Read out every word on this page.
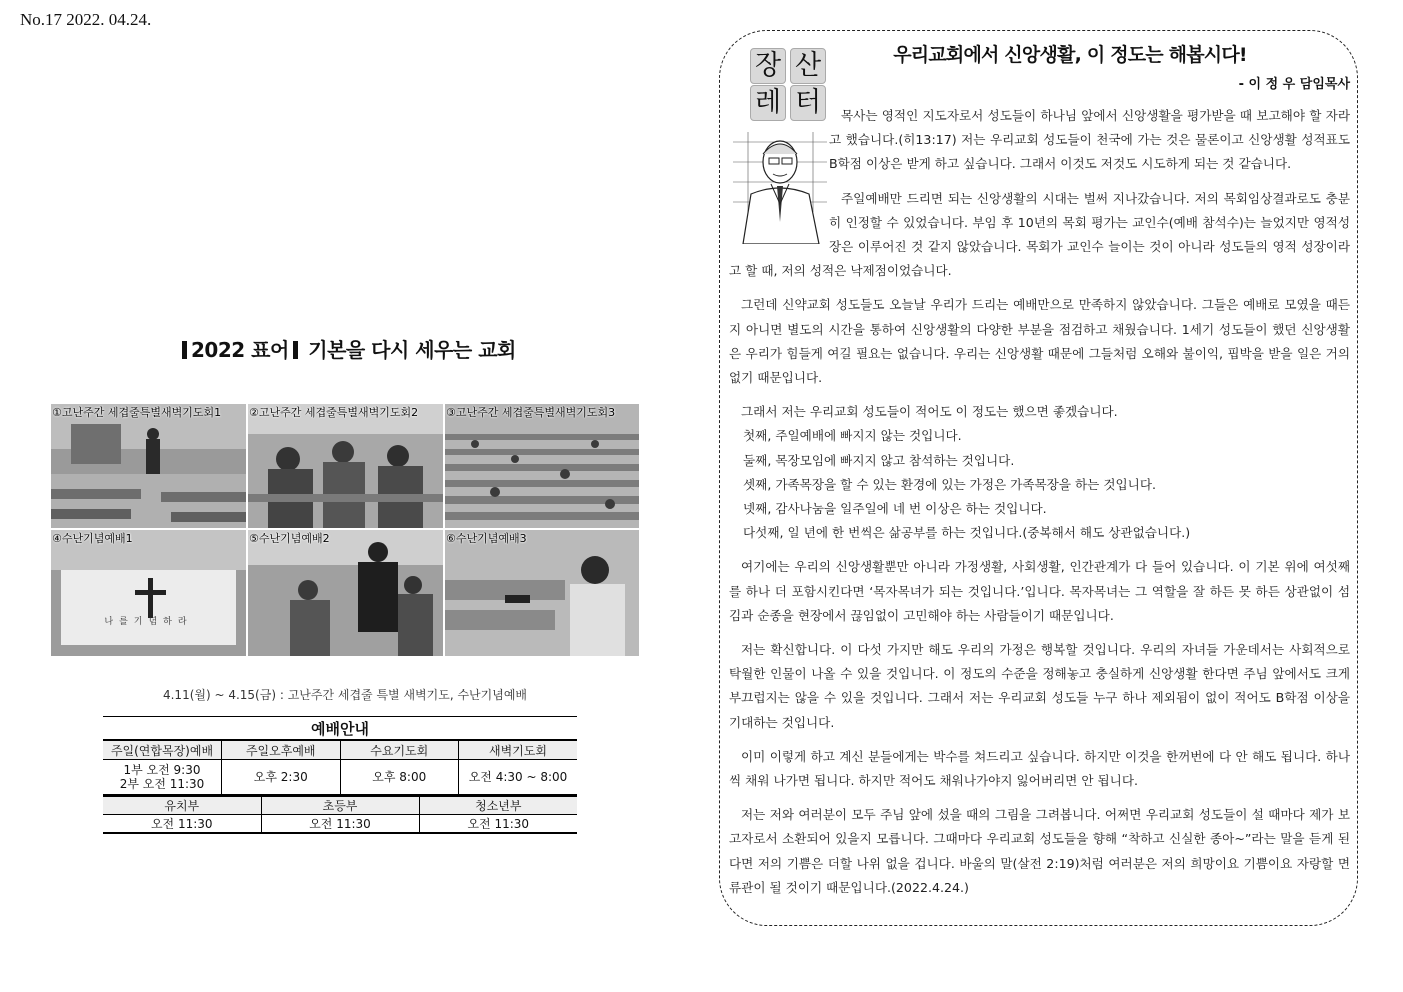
No.17 2022. 04.24.
2022 표어 기본을 다시 세우는 교회
①고난주간 세겹줄특별새벽기도회1	②고난주간 세겹줄특별새벽기도회2	③고난주간 세겹줄특별새벽기도회3
④수난기념예배1
나를기념하라
⑤수난기념예배2	⑥수난기념예배3
4.11(월) ~ 4.15(금) : 고난주간 세겹줄 특별 새벽기도, 수난기념예배
예배안내
주일(연합목장)예배	주일오후예배	수요기도회	새벽기도회
1부 오전 9:30
2부 오전 11:30	오후 2:30	오후 8:00	오전 4:30 ~ 8:00
유치부	초등부	청소년부
오전 11:30	오전 11:30	오전 11:30
장 산
레 터
우리교회에서 신앙생활, 이 정도는 해봅시다!
- 이 정 우 담임목사

목사는 영적인 지도자로서 성도들이 하나님 앞에서 신앙생활을 평가받을 때 보고해야 할 자라고 했습니다.(히13:17) 저는 우리교회 성도들이 천국에 가는 것은 물론이고 신앙생활 성적표도 B학점 이상은 받게 하고 싶습니다. 그래서 이것도 저것도 시도하게 되는 것 같습니다.

주일예배만 드리면 되는 신앙생활의 시대는 벌써 지나갔습니다. 저의 목회임상결과로도 충분히 인정할 수 있었습니다. 부임 후 10년의 목회 평가는 교인수(예배 참석수)는 늘었지만 영적성장은 이루어진 것 같지 않았습니다. 목회가 교인수 늘이는 것이 아니라 성도들의 영적 성장이라고 할 때, 저의 성적은 낙제점이었습니다.

그런데 신약교회 성도들도 오늘날 우리가 드리는 예배만으로 만족하지 않았습니다. 그들은 예배로 모였을 때든지 아니면 별도의 시간을 통하여 신앙생활의 다양한 부분을 점검하고 채웠습니다. 1세기 성도들이 했던 신앙생활은 우리가 힘들게 여길 필요는 없습니다. 우리는 신앙생활 때문에 그들처럼 오해와 불이익, 핍박을 받을 일은 거의 없기 때문입니다.

그래서 저는 우리교회 성도들이 적어도 이 정도는 했으면 좋겠습니다.

첫째, 주일예배에 빠지지 않는 것입니다.
둘째, 목장모임에 빠지지 않고 참석하는 것입니다.
셋째, 가족목장을 할 수 있는 환경에 있는 가정은 가족목장을 하는 것입니다.
넷째, 감사나눔을 일주일에 네 번 이상은 하는 것입니다.
다섯째, 일 년에 한 번씩은 삶공부를 하는 것입니다.(중복해서 해도 상관없습니다.)

여기에는 우리의 신앙생활뿐만 아니라 가정생활, 사회생활, 인간관계가 다 들어 있습니다. 이 기본 위에 여섯째를 하나 더 포함시킨다면 ‘목자목녀가 되는 것입니다.’입니다. 목자목녀는 그 역할을 잘 하든 못 하든 상관없이 섬김과 순종을 현장에서 끊임없이 고민해야 하는 사람들이기 때문입니다.

저는 확신합니다. 이 다섯 가지만 해도 우리의 가정은 행복할 것입니다. 우리의 자녀들 가운데서는 사회적으로 탁월한 인물이 나올 수 있을 것입니다. 이 정도의 수준을 정해놓고 충실하게 신앙생활 한다면 주님 앞에서도 크게 부끄럽지는 않을 수 있을 것입니다. 그래서 저는 우리교회 성도들 누구 하나 제외됨이 없이 적어도 B학점 이상을 기대하는 것입니다.

이미 이렇게 하고 계신 분들에게는 박수를 쳐드리고 싶습니다. 하지만 이것을 한꺼번에 다 안 해도 됩니다. 하나씩 채워 나가면 됩니다. 하지만 적어도 채워나가야지 잃어버리면 안 됩니다.

저는 저와 여러분이 모두 주님 앞에 섰을 때의 그림을 그려봅니다. 어쩌면 우리교회 성도들이 설 때마다 제가 보고자로서 소환되어 있을지 모릅니다. 그때마다 우리교회 성도들을 향해 “착하고 신실한 종아~”라는 말을 듣게 된다면 저의 기쁨은 더할 나위 없을 겁니다. 바울의 말(살전 2:19)처럼 여러분은 저의 희망이요 기쁨이요 자랑할 면류관이 될 것이기 때문입니다.(2022.4.24.)
